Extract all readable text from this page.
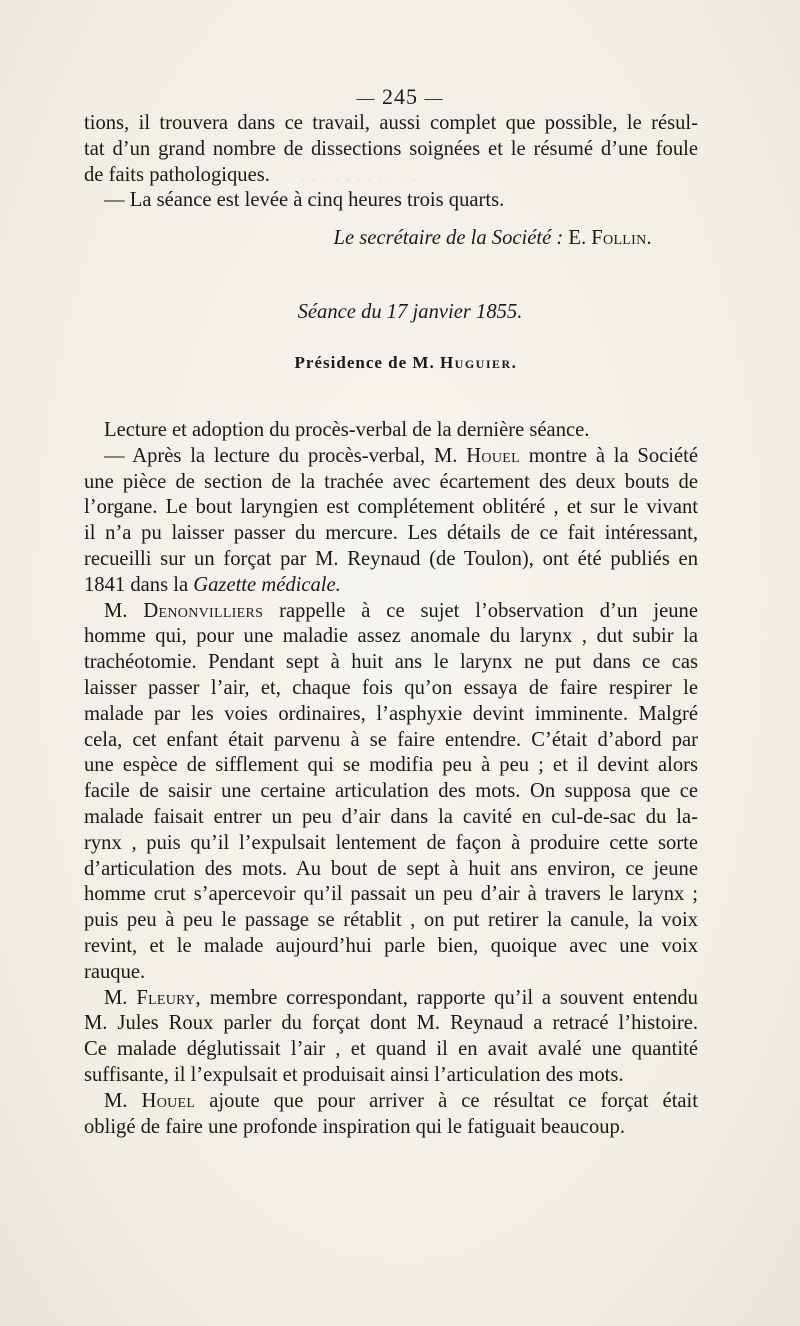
· · · · · · · · · · ·
— 245 —
tions, il trouvera dans ce travail, aussi complet que possible, le résul-
tat d’un grand nombre de dissections soignées et le résumé d’une foule
de faits pathologiques.
— La séance est levée à cinq heures trois quarts.
Le secrétaire de la Société : E. Follin.
Séance du 17 janvier 1855.
Présidence de M. Huguier.
Lecture et adoption du procès-verbal de la dernière séance.
— Après la lecture du procès-verbal, M. Houel montre à la Société
une pièce de section de la trachée avec écartement des deux bouts de
l’organe. Le bout laryngien est complétement oblitéré , et sur le vivant
il n’a pu laisser passer du mercure. Les détails de ce fait intéressant,
recueilli sur un forçat par M. Reynaud (de Toulon), ont été publiés en
1841 dans la Gazette médicale.
M. Denonvilliers rappelle à ce sujet l’observation d’un jeune
homme qui, pour une maladie assez anomale du larynx , dut subir la
trachéotomie. Pendant sept à huit ans le larynx ne put dans ce cas
laisser passer l’air, et, chaque fois qu’on essaya de faire respirer le
malade par les voies ordinaires, l’asphyxie devint imminente. Malgré
cela, cet enfant était parvenu à se faire entendre. C’était d’abord par
une espèce de sifflement qui se modifia peu à peu ; et il devint alors
facile de saisir une certaine articulation des mots. On supposa que ce
malade faisait entrer un peu d’air dans la cavité en cul-de-sac du la-
rynx , puis qu’il l’expulsait lentement de façon à produire cette sorte
d’articulation des mots. Au bout de sept à huit ans environ, ce jeune
homme crut s’apercevoir qu’il passait un peu d’air à travers le larynx ;
puis peu à peu le passage se rétablit , on put retirer la canule, la voix
revint, et le malade aujourd’hui parle bien, quoique avec une voix
rauque.
M. Fleury, membre correspondant, rapporte qu’il a souvent entendu
M. Jules Roux parler du forçat dont M. Reynaud a retracé l’histoire.
Ce malade déglutissait l’air , et quand il en avait avalé une quantité
suffisante, il l’expulsait et produisait ainsi l’articulation des mots.
M. Houel ajoute que pour arriver à ce résultat ce forçat était
obligé de faire une profonde inspiration qui le fatiguait beaucoup.
